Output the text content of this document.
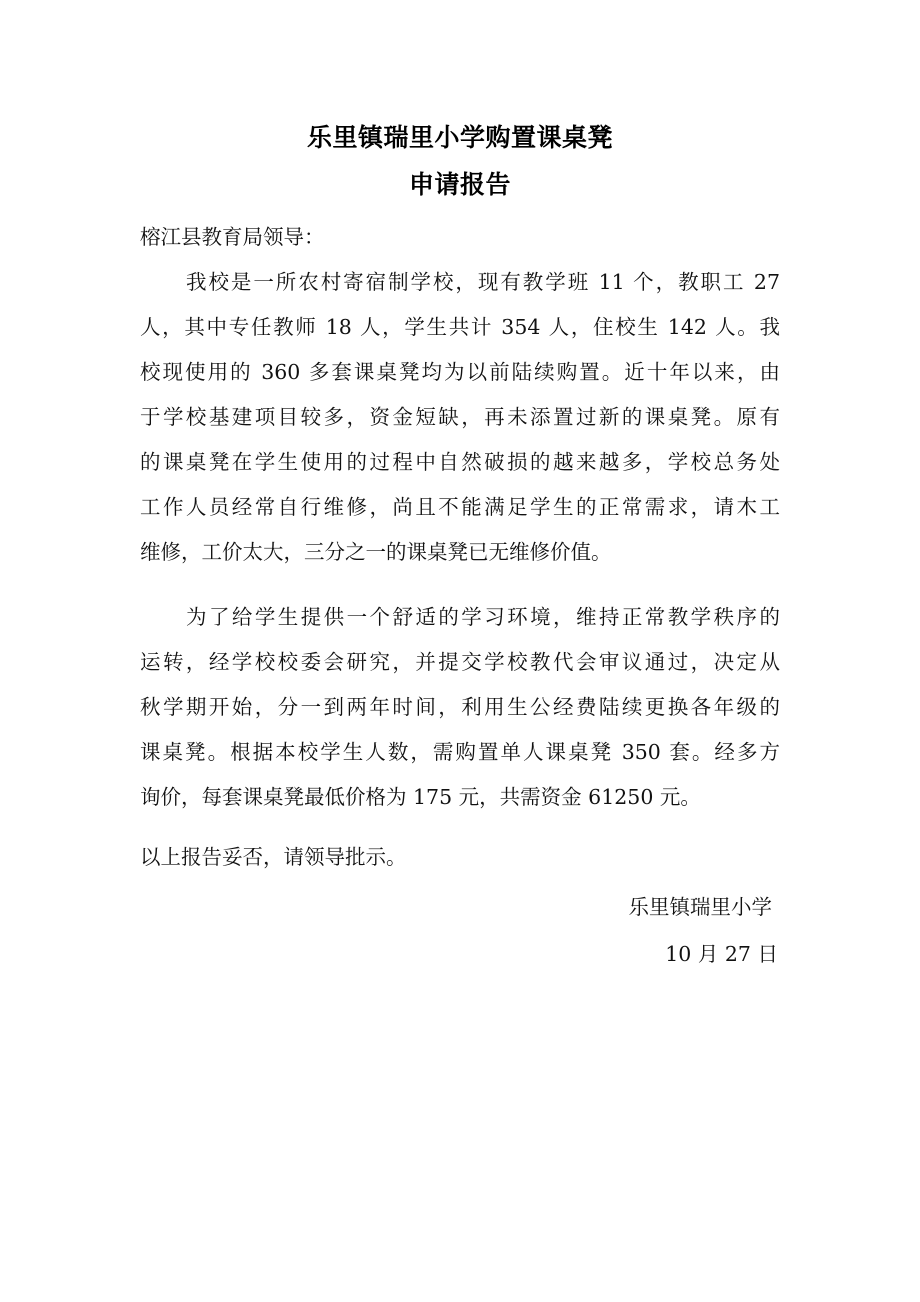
乐里镇瑞里小学购置课桌凳
申请报告
榕江县教育局领导：
我校是一所农村寄宿制学校，现有教学班 11 个，教职工 27
人，其中专任教师 18 人，学生共计 354 人，住校生 142 人。我
校现使用的 360 多套课桌凳均为以前陆续购置。近十年以来，由
于学校基建项目较多，资金短缺，再未添置过新的课桌凳。原有
的课桌凳在学生使用的过程中自然破损的越来越多，学校总务处
工作人员经常自行维修，尚且不能满足学生的正常需求，请木工
维修，工价太大，三分之一的课桌凳已无维修价值。
为了给学生提供一个舒适的学习环境，维持正常教学秩序的
运转，经学校校委会研究，并提交学校教代会审议通过，决定从
秋学期开始，分一到两年时间，利用生公经费陆续更换各年级的
课桌凳。根据本校学生人数，需购置单人课桌凳 350 套。经多方
询价，每套课桌凳最低价格为 175 元，共需资金 61250 元。
以上报告妥否，请领导批示。
乐里镇瑞里小学
10 月 27 日
